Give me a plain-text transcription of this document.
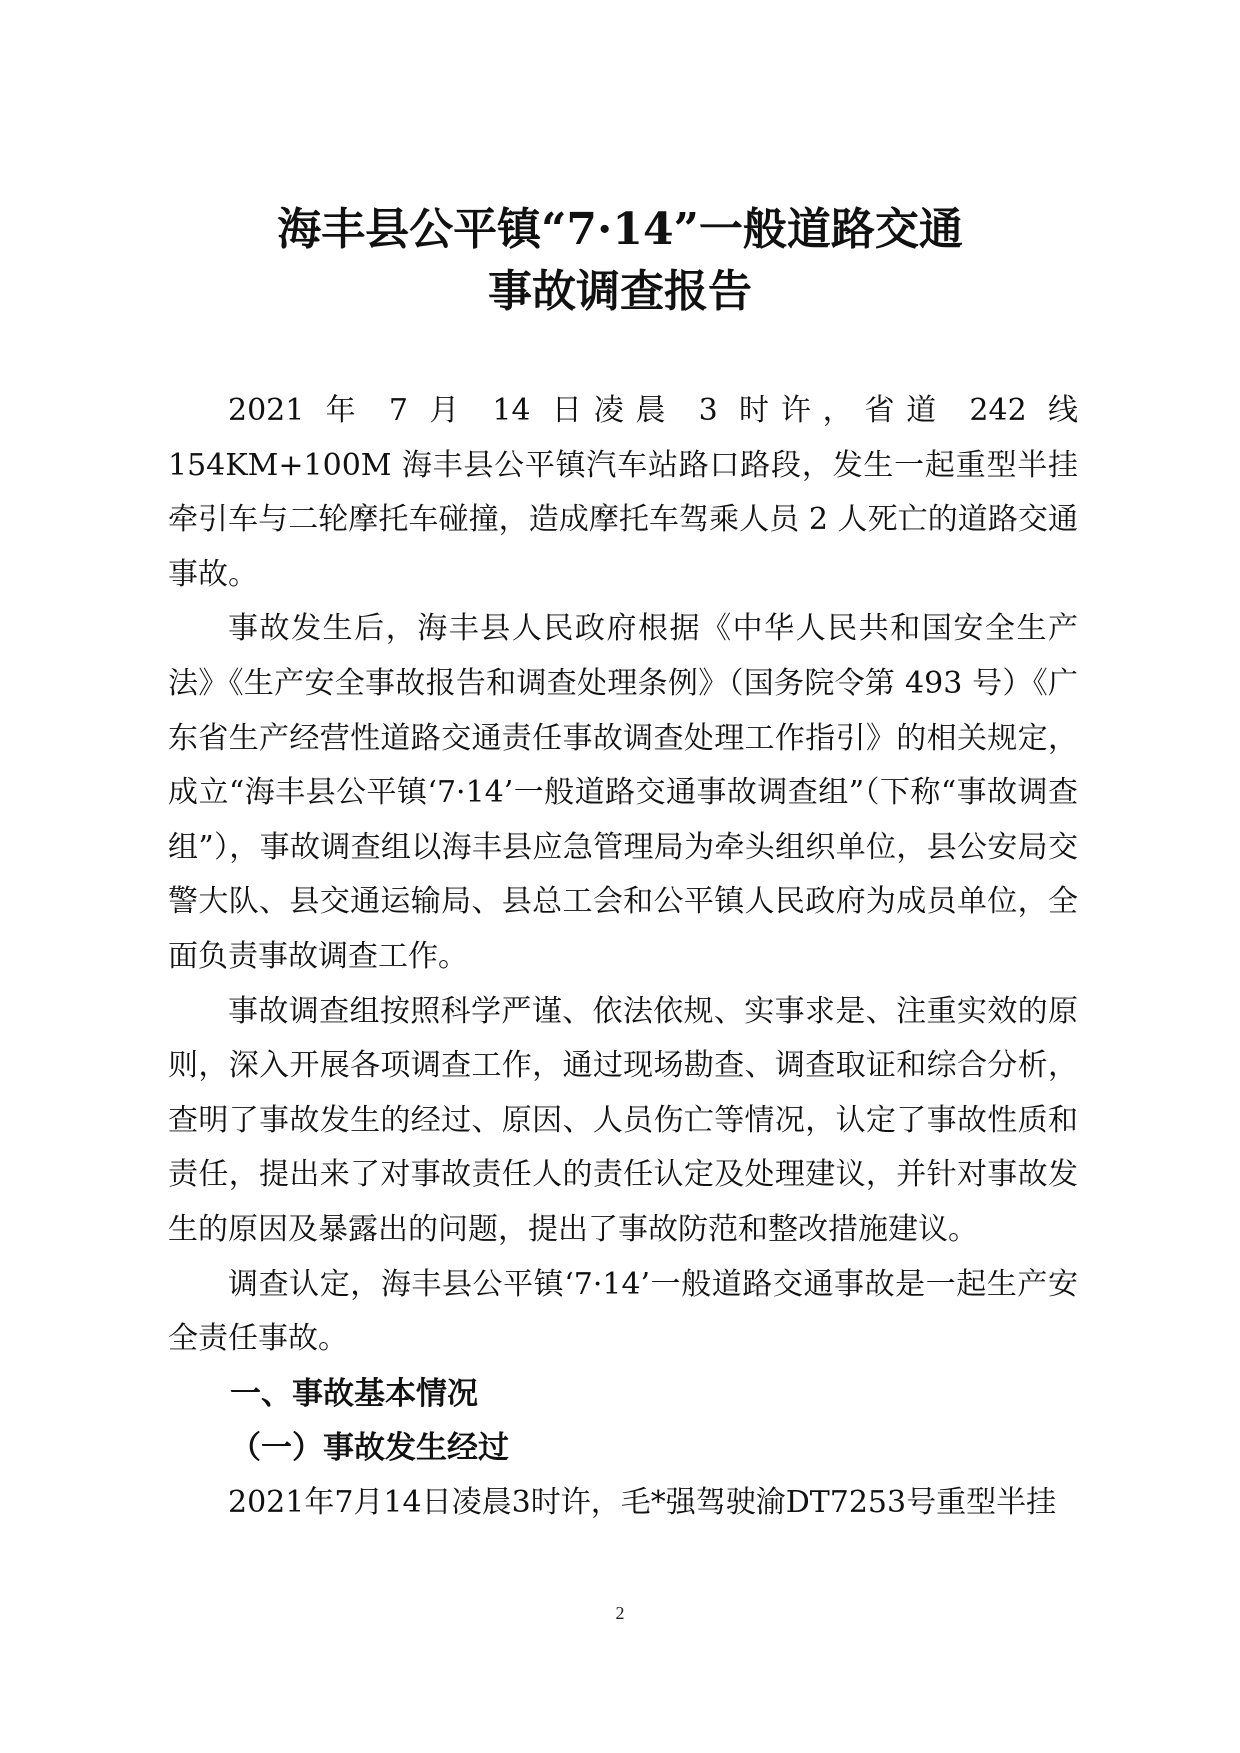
海丰县公平镇“7·14”一般道路交通
事故调查报告

2021 年 7 月 14 日凌晨 3 时许，省道 242 线 154KM+100M 海丰县公平镇汽车站路口路段，发生一起重型半挂牵引车与二轮摩托车碰撞，造成摩托车驾乘人员 2 人死亡的道路交通事故。

事故发生后，海丰县人民政府根据《中华人民共和国安全生产法》《生产安全事故报告和调查处理条例》（国务院令第 493 号）《广东省生产经营性道路交通责任事故调查处理工作指引》的相关规定，成立“海丰县公平镇‘7·14’一般道路交通事故调查组”（下称“事故调查组”），事故调查组以海丰县应急管理局为牵头组织单位，县公安局交警大队、县交通运输局、县总工会和公平镇人民政府为成员单位，全面负责事故调查工作。

事故调查组按照科学严谨、依法依规、实事求是、注重实效的原则，深入开展各项调查工作，通过现场勘查、调查取证和综合分析，查明了事故发生的经过、原因、人员伤亡等情况，认定了事故性质和责任，提出来了对事故责任人的责任认定及处理建议，并针对事故发生的原因及暴露出的问题，提出了事故防范和整改措施建议。

调查认定，海丰县公平镇‘7·14’一般道路交通事故是一起生产安全责任事故。

一、事故基本情况

（一）事故发生经过

2021年7月14日凌晨3时许，毛*强驾驶渝DT7253号重型半挂

2
